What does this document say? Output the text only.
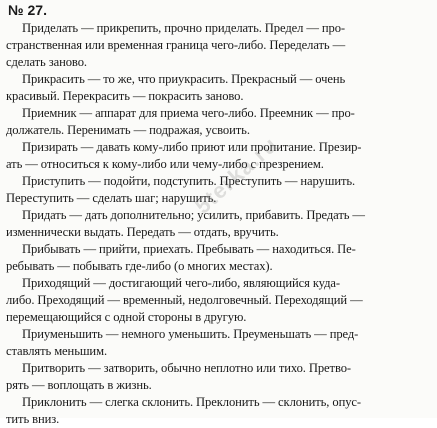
№ 27.
Приделать — прикрепить, прочно приделать. Предел — про-
странственная или временная граница чего-либо. Переделать —
сделать заново.
Прикрасить — то же, что приукрасить. Прекрасный — очень
красивый. Перекрасить — покрасить заново.
Приемник — аппарат для приема чего-либо. Преемник — про-
должатель. Перенимать — подражая, усвоить.
Призирать — давать кому-либо приют или пропитание. Презир-
ать — относиться к кому-либо или чему-либо с презрением.
Приступить — подойти, подступить. Преступить — нарушить.
Переступить — сделать шаг; нарушить.
Придать — дать дополнительно; усилить, прибавить. Предать —
изменнически выдать. Передать — отдать, вручить.
Прибывать — прийти, приехать. Пребывать — находиться. Пе-
ребывать — побывать где-либо (о многих местах).
Приходящий — достигающий чего-либо, являющийся куда-
либо. Преходящий — временный, недолговечный. Переходящий —
перемещающийся с одной стороны в другую.
Приуменьшить — немного уменьшить. Преуменьшать — пред-
ставлять меньшим.
Притворить — затворить, обычно неплотно или тихо. Претво-
рять — воплощать в жизнь.
Приклонить — слегка склонить. Преклонить — склонить, опус-
тить вниз.
5terka.ru
